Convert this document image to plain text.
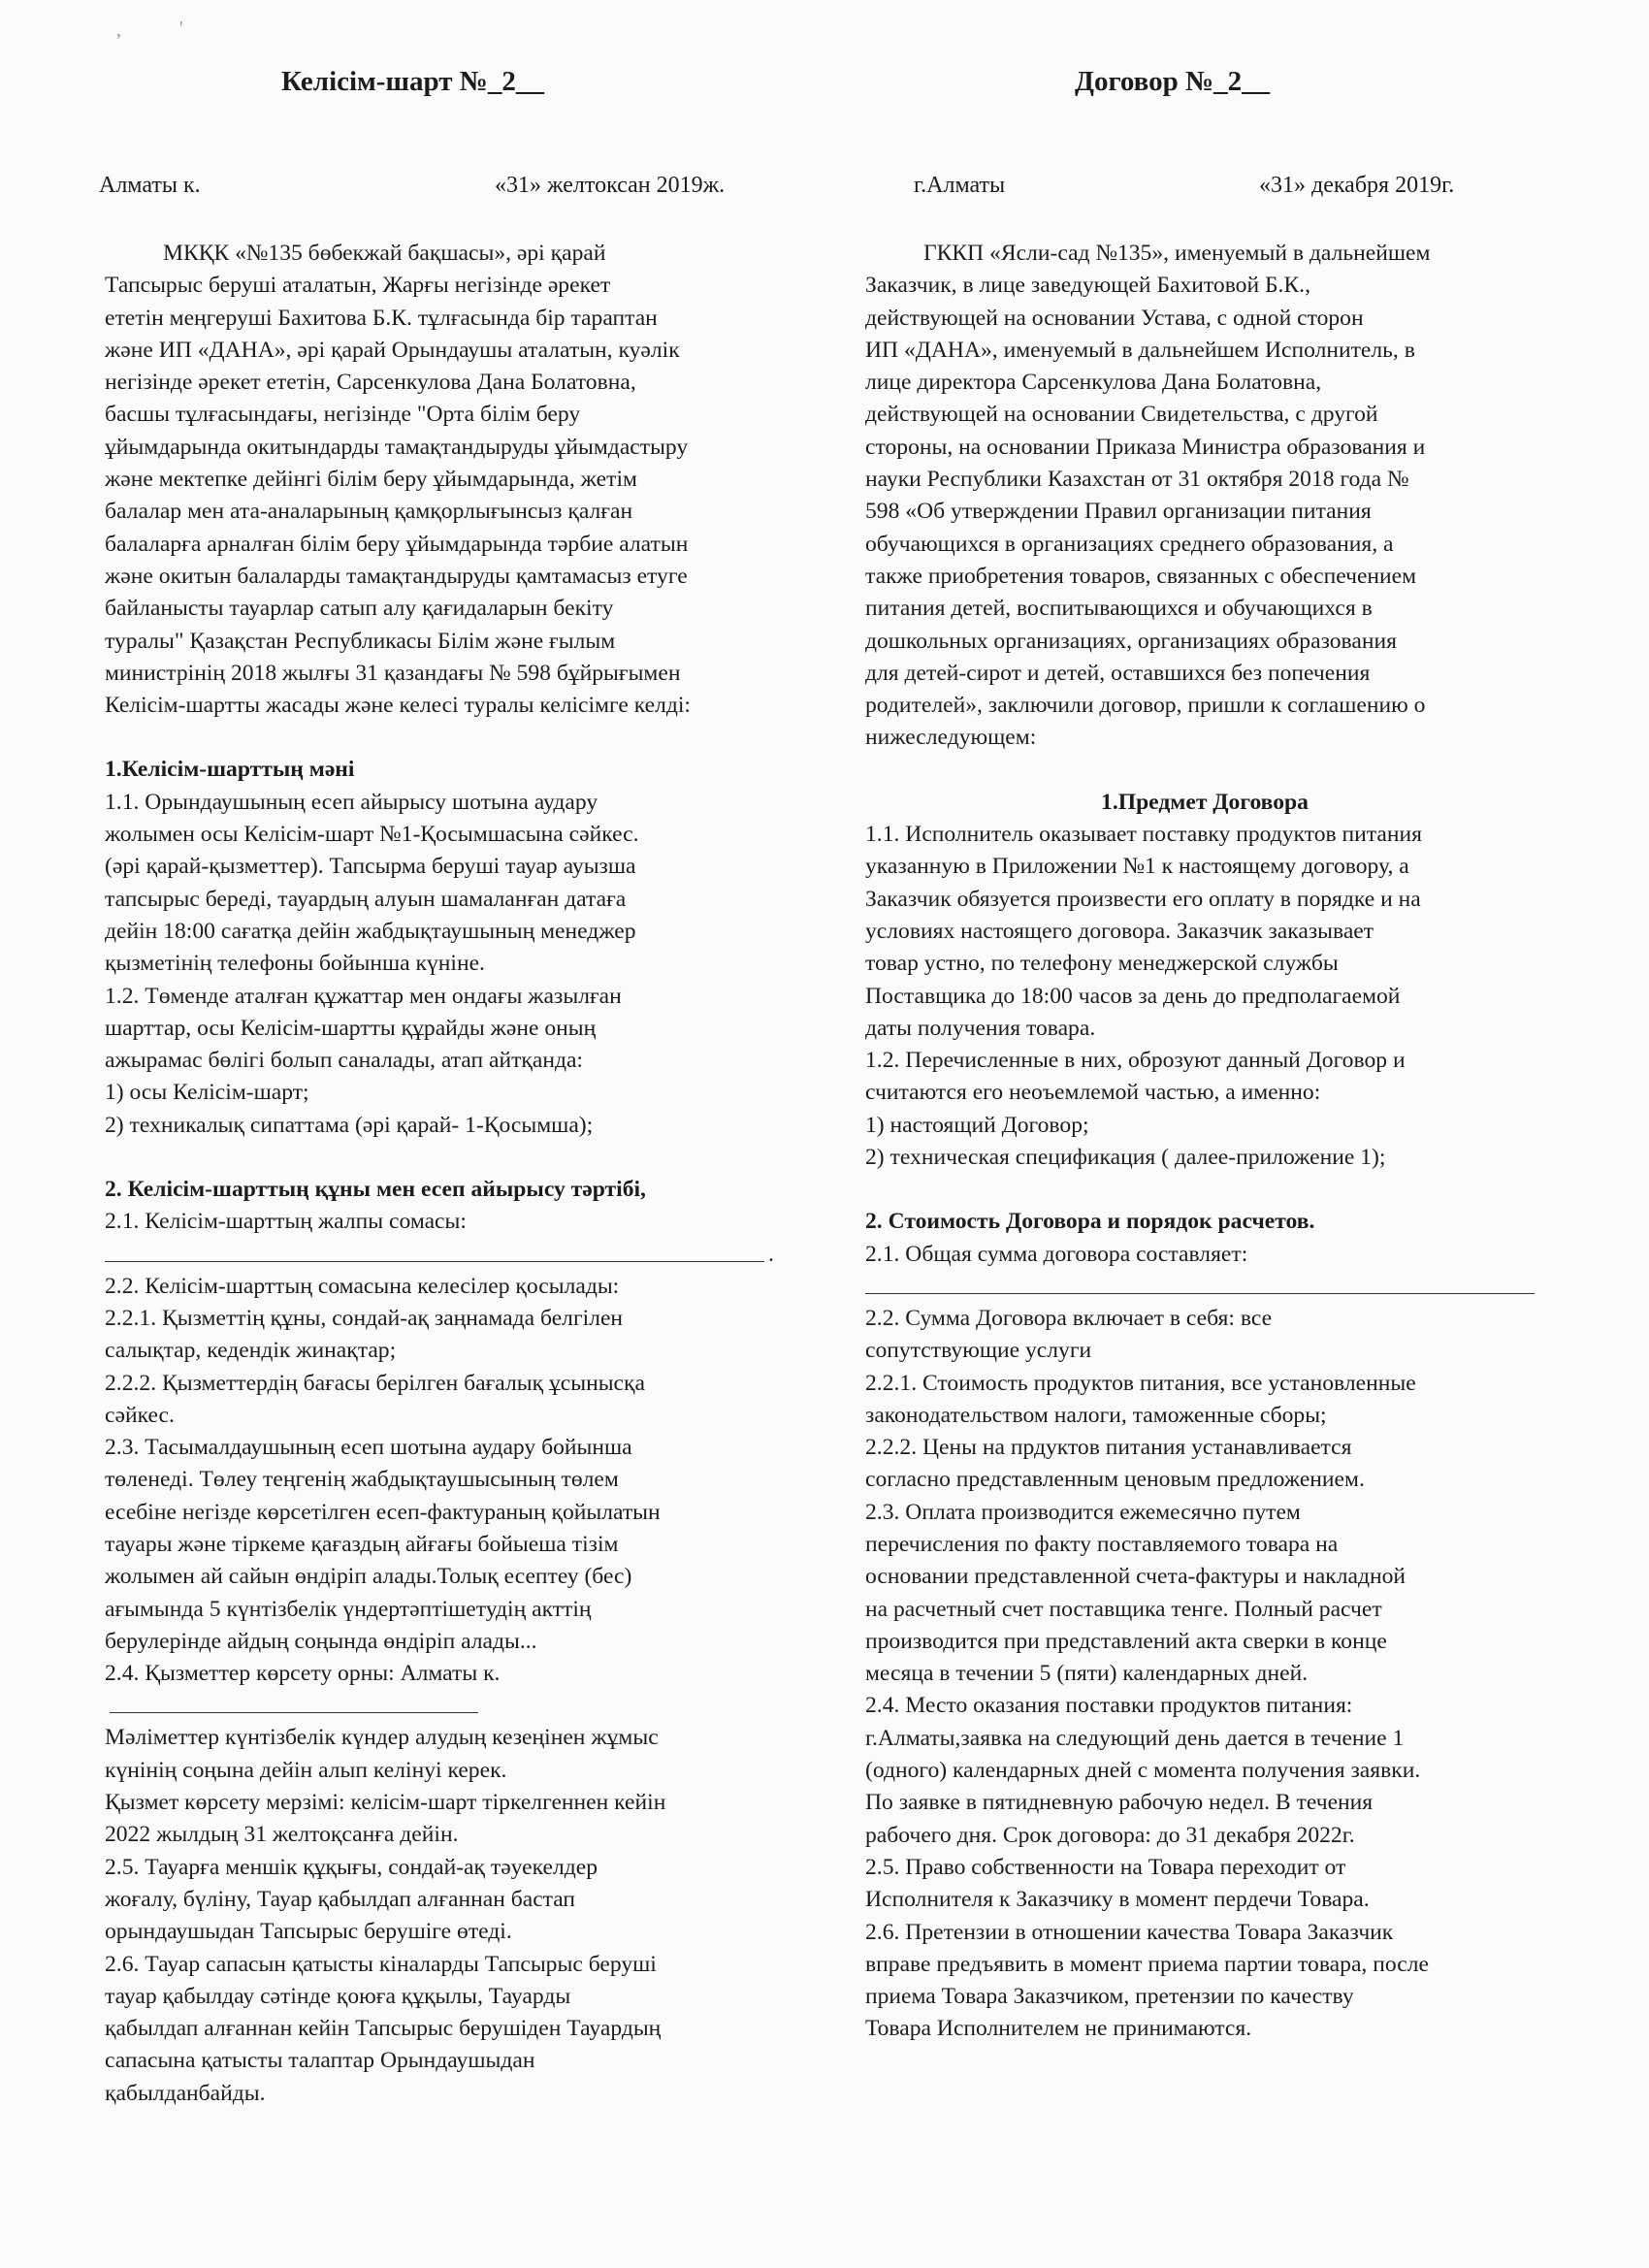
,	'
Келісім-шарт №_2__	Договор №_2__
Алматы к.	«31» желтоксан 2019ж.	г.Алматы	«31» декабря 2019г.

МКҚК «№135 бөбекжай бақшасы», әрі қарай

Тапсырыс беруші аталатын, Жарғы негізінде әрекет

ететін меңгеруші Бахитова Б.К. тұлғасында бір тараптан

және ИП «ДАНА», әрі қарай Орындаушы аталатын, куәлік

негізінде әрекет ететін, Сарсенкулова Дана Болатовна,

басшы тұлғасындағы, негізінде "Орта білім беру

ұйымдарында окитындарды тамақтандыруды ұйымдастыру

және мектепке дейінгі білім беру ұйымдарында, жетім

балалар мен ата-аналарының қамқорлығынсыз қалған

балаларға арналған білім беру ұйымдарында тәрбие алатын

және окитын балаларды тамақтандыруды қамтамасыз етуге

байланысты тауарлар сатып алу қағидаларын бекіту

туралы" Қазақстан Республикасы Білім және ғылым

министрінің 2018 жылғы 31 қазандағы № 598 бұйрығымен

Келісім-шартты жасады және келесі туралы келісімге келді:

1.Келісім-шарттың мәні

1.1. Орындаушының есеп айырысу шотына аудару

жолымен осы Келісім-шарт №1-Қосымшасына сәйкес.

(әрі қарай-қызметтер). Тапсырма беруші тауар ауызша

тапсырыс береді, тауардың алуын шамаланған датаға

дейін 18:00 сағатқа дейін жабдықтаушының менеджер

қызметінің телефоны бойынша күніне.

1.2. Төменде аталған құжаттар мен ондағы жазылған

шарттар, осы Келісім-шартты құрайды және оның

ажырамас бөлігі болып саналады, атап айтқанда:

1) осы Келісім-шарт;

2) техникалық сипаттама (әрі қарай- 1-Қосымша);

2. Келісім-шарттың құны мен есеп айырысу тәртібі,

2.1. Келісім-шарттың жалпы сомасы:

.

2.2. Келісім-шарттың сомасына келесілер қосылады:

2.2.1. Қызметтің құны, сондай-ақ заңнамада белгілен

салықтар, кедендік жинақтар;

2.2.2. Қызметтердің бағасы берілген бағалық ұсынысқа

сәйкес.

2.3. Тасымалдаушының есеп шотына аудару бойынша

төленеді. Төлеу теңгенің жабдықтаушысының төлем

есебіне негізде көрсетілген есеп-фактураның қойылатын

тауары және тіркеме қағаздың айғағы бойыеша тізім

жолымен ай сайын өндіріп алады.Толық есептеу (бес)

ағымында 5 күнтізбелік үндертәптішетудің акттің

берулерінде айдың соңында өндіріп алады...

2.4. Қызметтер көрсету орны: Алматы к.

Мәліметтер күнтізбелік күндер алудың кезеңінен жұмыс

күнінің соңына дейін алып келінуі керек.

Қызмет көрсету мерзімі: келісім-шарт тіркелгеннен кейін

2022 жылдың 31 желтоқсанға дейін.

2.5. Тауарға меншік құқығы, сондай-ақ тәуекелдер

жоғалу, бүліну, Тауар қабылдап алғаннан бастап

орындаушыдан Тапсырыс берушіге өтеді.

2.6. Тауар сапасын қатысты кіналарды Тапсырыс беруші

тауар қабылдау сәтінде қоюға құқылы, Тауарды

қабылдап алғаннан кейін Тапсырыс берушіден Тауардың

сапасына қатысты талаптар Орындаушыдан

қабылданбайды.

ГККП «Ясли-сад №135», именуемый в дальнейшем

Заказчик, в лице заведующей Бахитовой Б.К.,

действующей на основании Устава, с одной сторон

ИП «ДАНА», именуемый в дальнейшем Исполнитель, в

лице директора Сарсенкулова Дана Болатовна,

действующей на основании Свидетельства, с другой

стороны, на основании Приказа Министра образования и

науки Республики Казахстан от 31 октября 2018 года №

598 «Об утверждении Правил организации питания

обучающихся в организациях среднего образования, а

также приобретения товаров, связанных с обеспечением

питания детей, воспитывающихся и обучающихся в

дошкольных организациях, организациях образования

для детей-сирот и детей, оставшихся без попечения

родителей», заключили договор, пришли к соглашению о

нижеследующем:

1.Предмет Договора

1.1. Исполнитель оказывает поставку продуктов питания

указанную в Приложении №1 к настоящему договору, а

Заказчик обязуется произвести его оплату в порядке и на

условиях настоящего договора. Заказчик заказывает

товар устно, по телефону менеджерской службы

Поставщика до 18:00 часов за день до предполагаемой

даты получения товара.

1.2. Перечисленные в них, оброзуют данный Договор и

считаются его неоъемлемой частью, а именно:

1) настоящий Договор;

2) техническая спецификация ( далее-приложение 1);

2. Стоимость Договора и порядок расчетов.

2.1. Общая сумма договора составляет:

2.2. Сумма Договора включает в себя: все

сопутствующие услуги

2.2.1. Стоимость продуктов питания, все установленные

законодательством налоги, таможенные сборы;

2.2.2. Цены на прдуктов питания устанавливается

согласно представленным ценовым предложением.

2.3. Оплата производится ежемесячно путем

перечисления по факту поставляемого товара на

основании представленной счета-фактуры и накладной

на расчетный счет поставщика тенге. Полный расчет

производится при представлений акта сверки в конце

месяца в течении 5 (пяти) календарных дней.

2.4. Место оказания поставки продуктов питания:

г.Алматы,заявка на следующий день дается в течение 1

(одного) календарных дней с момента получения заявки.

По заявке в пятидневную рабочую недел. В течения

рабочего дня. Срок договора: до 31 декабря 2022г.

2.5. Право собственности на Товара переходит от

Исполнителя к Заказчику в момент пердечи Товара.

2.6. Претензии в отношении качества Товара Заказчик

вправе предъявить в момент приема партии товара, после

приема Товара Заказчиком, претензии по качеству

Товара Исполнителем не принимаются.
